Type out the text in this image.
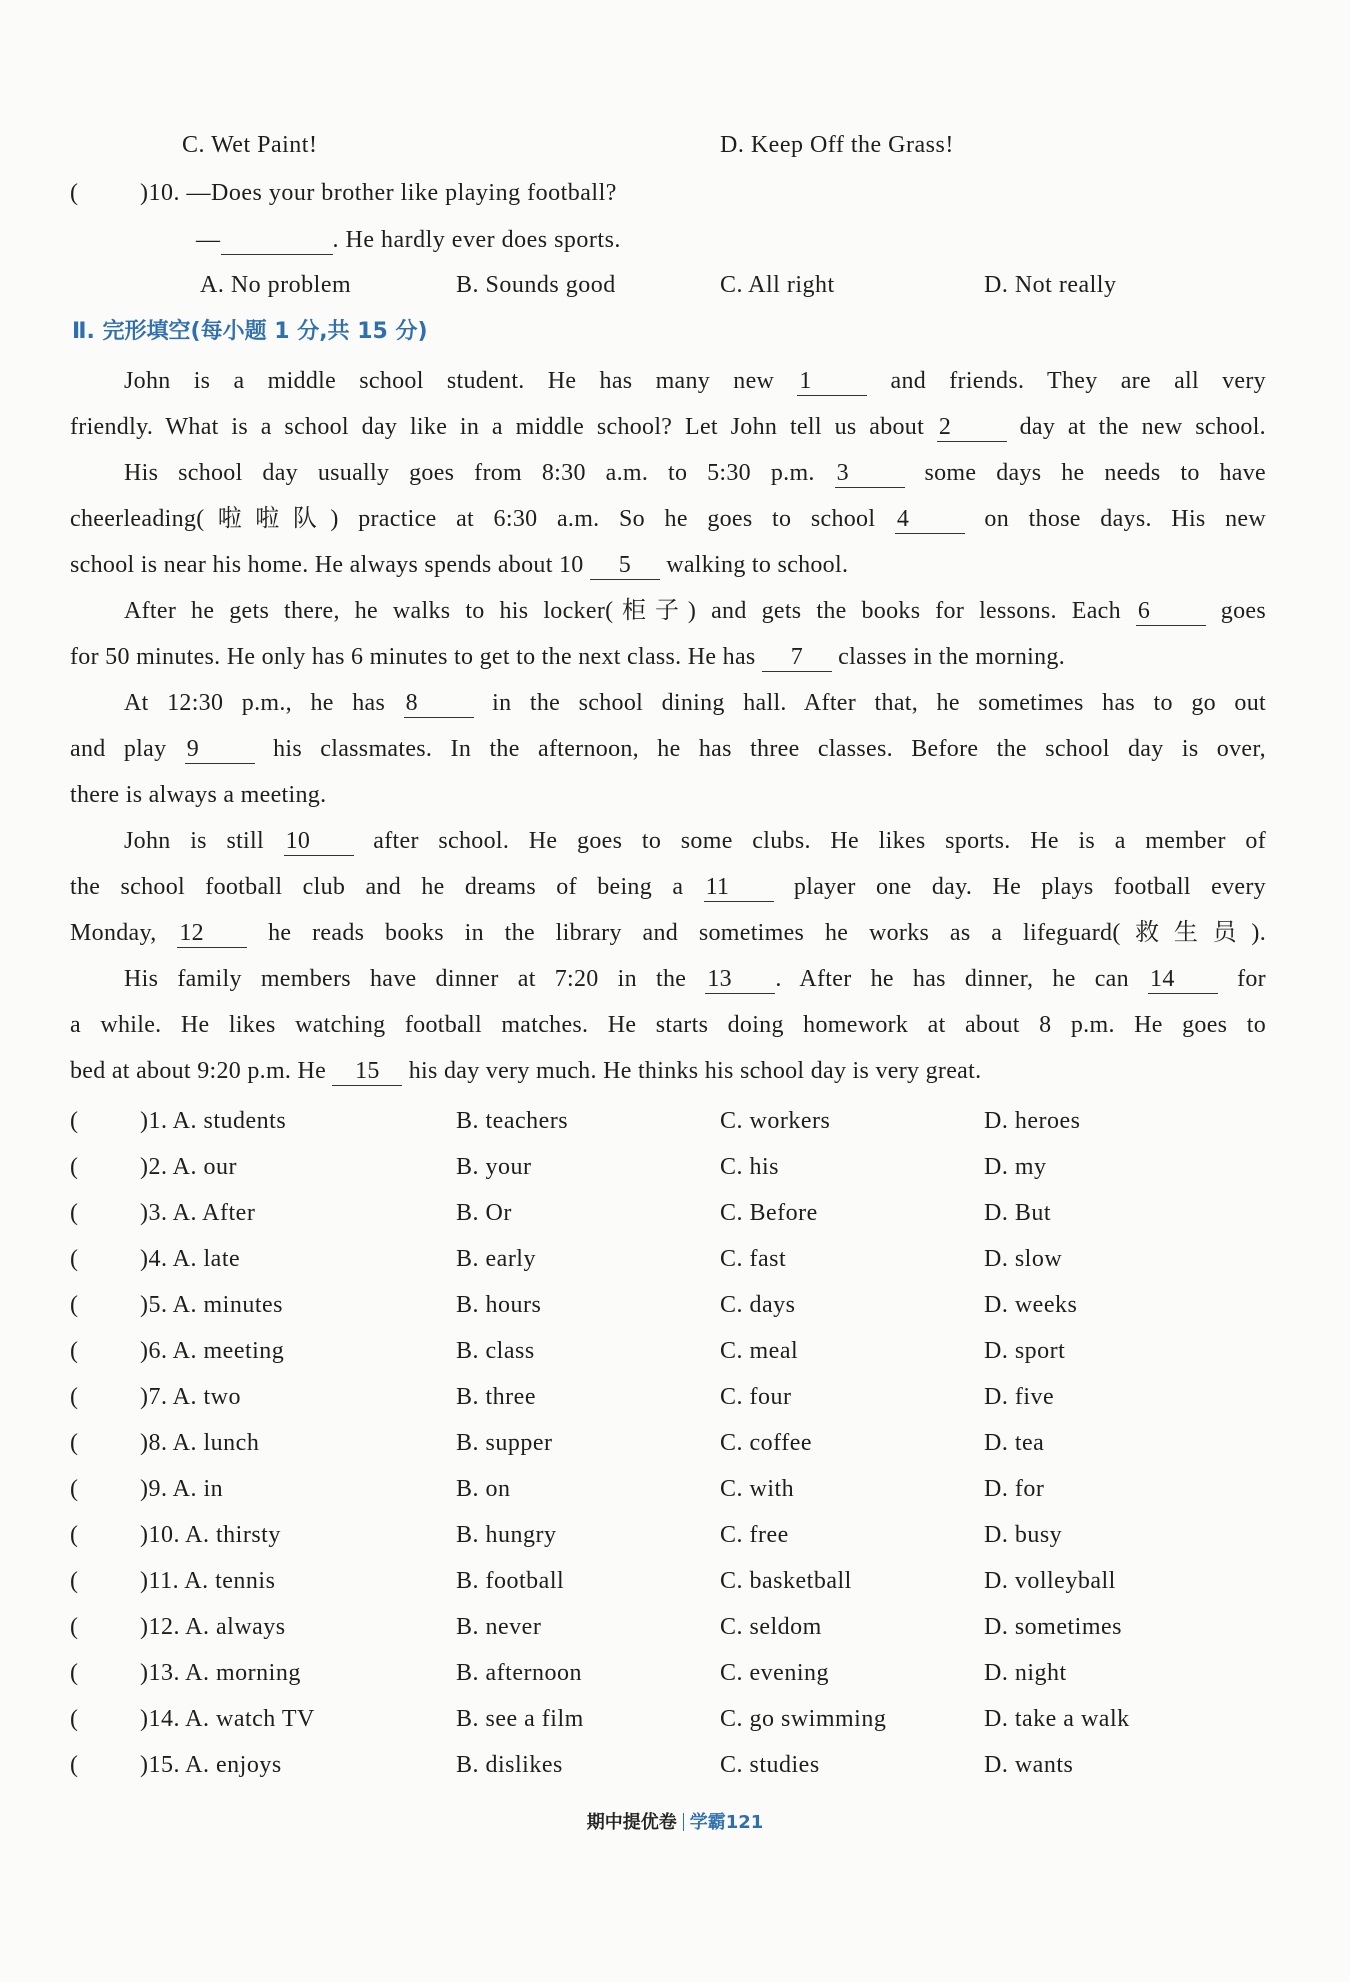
C. Wet Paint!	D. Keep Off the Grass!
(	)10. —Does your brother like playing football?
—	. He hardly ever does sports.
A. No problem	B. Sounds good	C. All right	D. Not really
Ⅱ. 完形填空(每小题 1 分,共 15 分)
John is a middle school student. He has many new 1	and friends. They are all very
friendly. What is a school day like in a middle school? Let John tell us about 2	day at the new school.
His school day usually goes from 8:30 a.m. to 5:30 p.m. 3	some days he needs to have
cheerleading(啦啦队) practice at 6:30 a.m. So he goes to school 4	on those days. His new
school is near his home. He always spends about 10 5 walking to school.
After he gets there, he walks to his locker(柜子) and gets the books for lessons. Each 6	goes
for 50 minutes. He only has 6 minutes to get to the next class. He has 7 classes in the morning.
At 12:30 p.m., he has 8	in the school dining hall. After that, he sometimes has to go out
and play 9	his classmates. In the afternoon, he has three classes. Before the school day is over,
there is always a meeting.
John is still 10	after school. He goes to some clubs. He likes sports. He is a member of
the school football club and he dreams of being a 11	player one day. He plays football every
Monday, 12	he reads books in the library and sometimes he works as a lifeguard(救生员).
His family members have dinner at 7:20 in the 13 . After he has dinner, he can 14	for
a while. He likes watching football matches. He starts doing homework at about 8 p.m. He goes to
bed at about 9:20 p.m. He 15 his day very much. He thinks his school day is very great.
(	)1. A. students	B. teachers	C. workers	D. heroes
(	)2. A. our	B. your	C. his	D. my
(	)3. A. After	B. Or	C. Before	D. But
(	)4. A. late	B. early	C. fast	D. slow
(	)5. A. minutes	B. hours	C. days	D. weeks
(	)6. A. meeting	B. class	C. meal	D. sport
(	)7. A. two	B. three	C. four	D. five
(	)8. A. lunch	B. supper	C. coffee	D. tea
(	)9. A. in	B. on	C. with	D. for
(	)10. A. thirsty	B. hungry	C. free	D. busy
(	)11. A. tennis	B. football	C. basketball	D. volleyball
(	)12. A. always	B. never	C. seldom	D. sometimes
(	)13. A. morning	B. afternoon	C. evening	D. night
(	)14. A. watch TV	B. see a film	C. go swimming	D. take a walk
(	)15. A. enjoys	B. dislikes	C. studies	D. wants
期中提优卷 学霸121
